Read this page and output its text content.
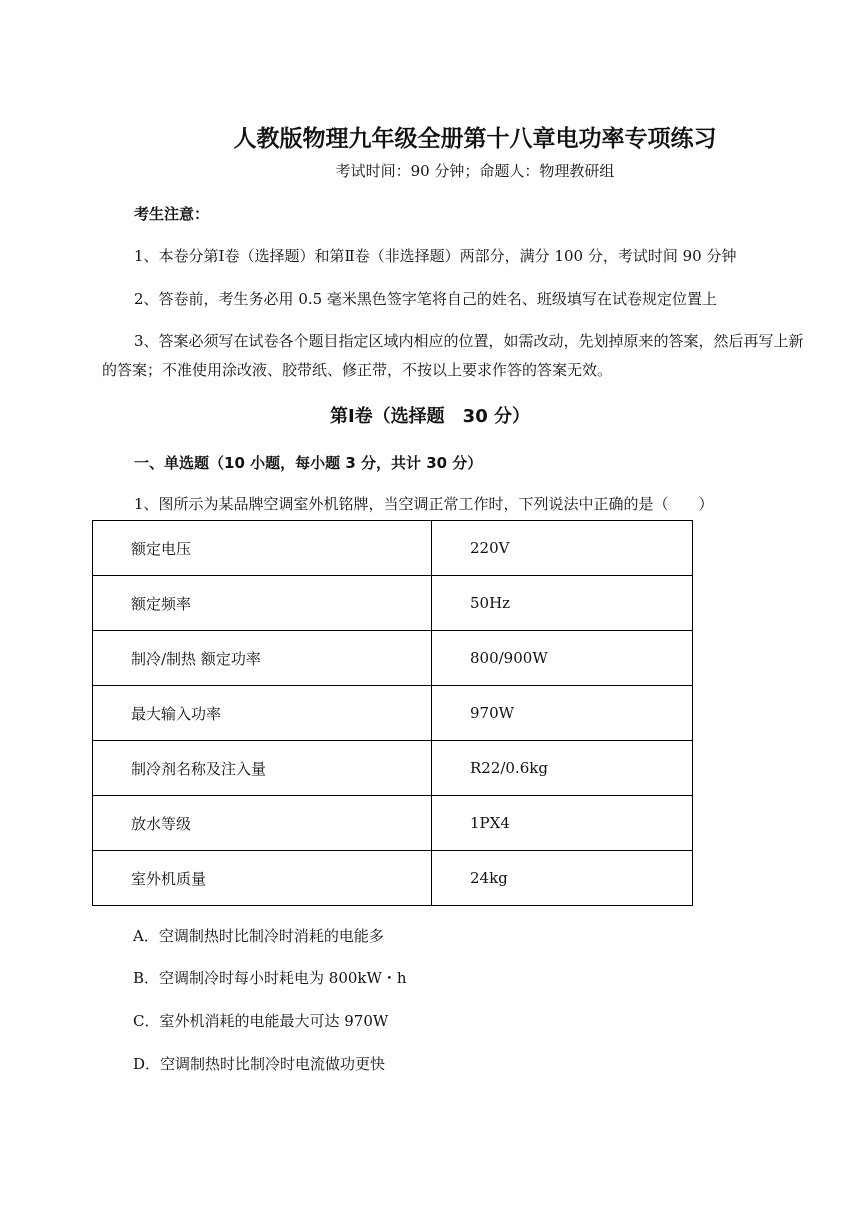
人教版物理九年级全册第十八章电功率专项练习
考试时间：90 分钟；命题人：物理教研组
考生注意：
1、本卷分第Ⅰ卷（选择题）和第Ⅱ卷（非选择题）两部分，满分 100 分，考试时间 90 分钟
2、答卷前，考生务必用 0.5 毫米黑色签字笔将自己的姓名、班级填写在试卷规定位置上
3、答案必须写在试卷各个题目指定区域内相应的位置，如需改动，先划掉原来的答案，然后再写上新的答案；不准使用涂改液、胶带纸、修正带，不按以上要求作答的答案无效。
第Ⅰ卷（选择题　30 分）
一、单选题（10 小题，每小题 3 分，共计 30 分）
1、图所示为某品牌空调室外机铭牌，当空调正常工作时，下列说法中正确的是（　　）
额定电压	220V
额定频率	50Hz
制冷/制热 额定功率	800/900W
最大输入功率	970W
制冷剂名称及注入量	R22/0.6kg
放水等级	1PX4
室外机质量	24kg
A．空调制热时比制冷时消耗的电能多
B．空调制冷时每小时耗电为 800kW・h
C．室外机消耗的电能最大可达 970W
D．空调制热时比制冷时电流做功更快
